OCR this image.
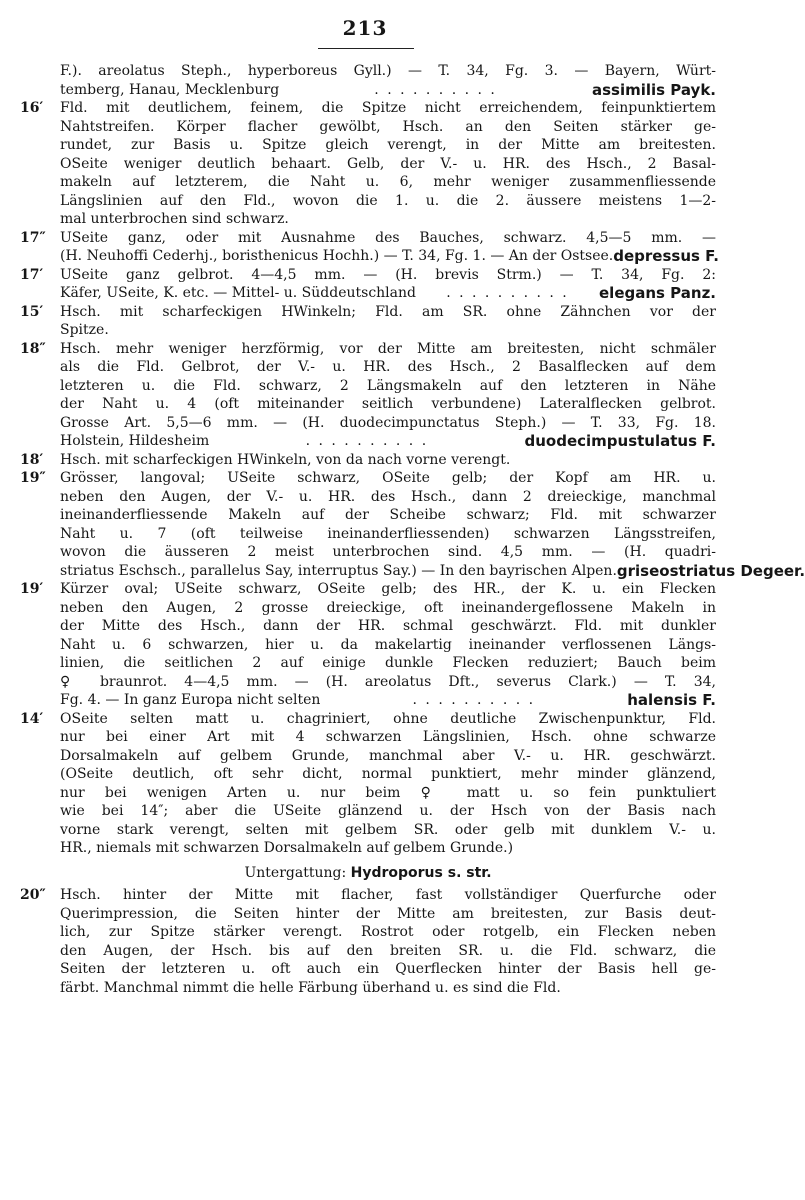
213
F.). areolatus Steph., hyperboreus Gyll.) — T. 34, Fg. 3. — Bayern, Würt-
temberg, Hanau, Mecklenburg	. . . . . . . . . .	assimilis Payk.
16′	Fld. mit deutlichem, feinem, die Spitze nicht erreichendem, feinpunktiertem
Nahtstreifen. Körper flacher gewölbt, Hsch. an den Seiten stärker ge-
rundet, zur Basis u. Spitze gleich verengt, in der Mitte am breitesten.
OSeite weniger deutlich behaart. Gelb, der V.- u. HR. des Hsch., 2 Basal-
makeln auf letzterem, die Naht u. 6, mehr weniger zusammenfliessende
Längslinien auf den Fld., wovon die 1. u. die 2. äussere meistens 1—2-
mal unterbrochen sind schwarz.
17″	USeite ganz, oder mit Ausnahme des Bauches, schwarz. 4,5—5 mm. —
(H. Neuhoffi Cederhj., boristhenicus Hochh.) — T. 34, Fg. 1. — An der Ostsee. depressus F.
17′	USeite ganz gelbrot. 4—4,5 mm. — (H. brevis Strm.) — T. 34, Fg. 2:
Käfer, USeite, K. etc. — Mittel- u. Süddeutschland	. . . . . . . . . .	elegans Panz.
15′	Hsch. mit scharfeckigen HWinkeln; Fld. am SR. ohne Zähnchen vor der
Spitze.
18″	Hsch. mehr weniger herzförmig, vor der Mitte am breitesten, nicht schmäler
als die Fld. Gelbrot, der V.- u. HR. des Hsch., 2 Basalflecken auf dem
letzteren u. die Fld. schwarz, 2 Längsmakeln auf den letzteren in Nähe
der Naht u. 4 (oft miteinander seitlich verbundene) Lateralflecken gelbrot.
Grosse Art. 5,5—6 mm. — (H. duodecimpunctatus Steph.) — T. 33, Fg. 18.
Holstein, Hildesheim	. . . . . . . . . .	duodecimpustulatus F.
18′	Hsch. mit scharfeckigen HWinkeln, von da nach vorne verengt.
19″	Grösser, langoval; USeite schwarz, OSeite gelb; der Kopf am HR. u.
neben den Augen, der V.- u. HR. des Hsch., dann 2 dreieckige, manchmal
ineinanderfliessende Makeln auf der Scheibe schwarz; Fld. mit schwarzer
Naht u. 7 (oft teilweise ineinanderfliessenden) schwarzen Längsstreifen,
wovon die äusseren 2 meist unterbrochen sind. 4,5 mm. — (H. quadri-
striatus Eschsch., parallelus Say, interruptus Say.) — In den bayrischen Alpen. griseostriatus Degeer.
19′	Kürzer oval; USeite schwarz, OSeite gelb; des HR., der K. u. ein Flecken
neben den Augen, 2 grosse dreieckige, oft ineinandergeflossene Makeln in
der Mitte des Hsch., dann der HR. schmal geschwärzt. Fld. mit dunkler
Naht u. 6 schwarzen, hier u. da makelartig ineinander verflossenen Längs-
linien, die seitlichen 2 auf einige dunkle Flecken reduziert; Bauch beim
♀ braunrot. 4—4,5 mm. — (H. areolatus Dft., severus Clark.) — T. 34,
Fg. 4. — In ganz Europa nicht selten	. . . . . . . . . .	halensis F.
14′	OSeite selten matt u. chagriniert, ohne deutliche Zwischenpunktur, Fld.
nur bei einer Art mit 4 schwarzen Längslinien, Hsch. ohne schwarze
Dorsalmakeln auf gelbem Grunde, manchmal aber V.- u. HR. geschwärzt.
(OSeite deutlich, oft sehr dicht, normal punktiert, mehr minder glänzend,
nur bei wenigen Arten u. nur beim ♀ matt u. so fein punktuliert
wie bei 14″; aber die USeite glänzend u. der Hsch von der Basis nach
vorne stark verengt, selten mit gelbem SR. oder gelb mit dunklem V.- u.
HR., niemals mit schwarzen Dorsalmakeln auf gelbem Grunde.)
Untergattung: Hydroporus s. str.
20″	Hsch. hinter der Mitte mit flacher, fast vollständiger Querfurche oder
Querimpression, die Seiten hinter der Mitte am breitesten, zur Basis deut-
lich, zur Spitze stärker verengt. Rostrot oder rotgelb, ein Flecken neben
den Augen, der Hsch. bis auf den breiten SR. u. die Fld. schwarz, die
Seiten der letzteren u. oft auch ein Querflecken hinter der Basis hell ge-
färbt. Manchmal nimmt die helle Färbung überhand u. es sind die Fld.
